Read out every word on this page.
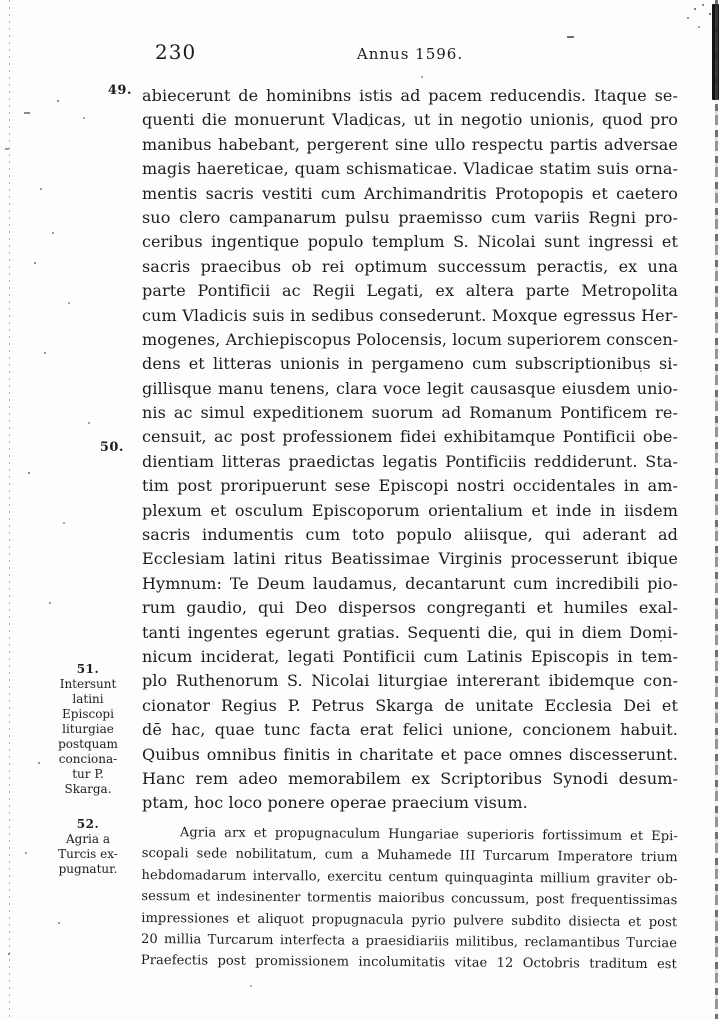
230	Annus 1596.
49.
50.
51.
Intersunt
latini
Episcopi
liturgiae
postquam
conciona-
tur P.
Skarga.
52.
Agria a
Turcis ex-
pugnatur.
abiecerunt de hominibns istis ad pacem reducendis. Itaque se-
quenti die monuerunt Vladicas, ut in negotio unionis, quod pro
manibus habebant, pergerent sine ullo respectu partis adversae
magis haereticae, quam schismaticae. Vladicae statim suis orna-
mentis sacris vestiti cum Archimandritis Protopopis et caetero
suo clero campanarum pulsu praemisso cum variis Regni pro-
ceribus ingentique populo templum S. Nicolai sunt ingressi et
sacris praecibus ob rei optimum successum peractis, ex una
parte Pontificii ac Regii Legati, ex altera parte Metropolita
cum Vladicis suis in sedibus consederunt. Moxque egressus Her-
mogenes, Archiepiscopus Polocensis, locum superiorem conscen-
dens et litteras unionis in pergameno cum subscriptionibus si-
gillisque manu tenens, clara voce legit causasque eiusdem unio-
nis ac simul expeditionem suorum ad Romanum Pontificem re-
censuit, ac post professionem fidei exhibitamque Pontificii obe-
dientiam litteras praedictas legatis Pontificiis reddiderunt. Sta-
tim post proripuerunt sese Episcopi nostri occidentales in am-
plexum et osculum Episcoporum orientalium et inde in iisdem
sacris indumentis cum toto populo aliisque, qui aderant ad
Ecclesiam latini ritus Beatissimae Virginis processerunt ibique
Hymnum: Te Deum laudamus, decantarunt cum incredibili pio-
rum gaudio, qui Deo dispersos congreganti et humiles exal-
tanti ingentes egerunt gratias. Sequenti die, qui in diem Domi-
nicum inciderat, legati Pontificii cum Latinis Episcopis in tem-
plo Ruthenorum S. Nicolai liturgiae intererant ibidemque con-
cionator Regius P. Petrus Skarga de unitate Ecclesia Dei et
dē hac, quae tunc facta erat felici unione, concionem habuit.
Quibus omnibus finitis in charitate et pace omnes discesserunt.
Hanc rem adeo memorabilem ex Scriptoribus Synodi desum-
ptam, hoc loco ponere operae praecium visum.
Agria arx et propugnaculum Hungariae superioris fortissimum et Epi-
scopali sede nobilitatum, cum a Muhamede III Turcarum Imperatore trium
hebdomadarum intervallo, exercitu centum quinquaginta millium graviter ob-
sessum et indesinenter tormentis maioribus concussum, post frequentissimas
impressiones et aliquot propugnacula pyrio pulvere subdito disiecta et post
20 millia Turcarum interfecta a praesidiariis militibus, reclamantibus Turciae
Praefectis post promissionem incolumitatis vitae 12 Octobris traditum est
